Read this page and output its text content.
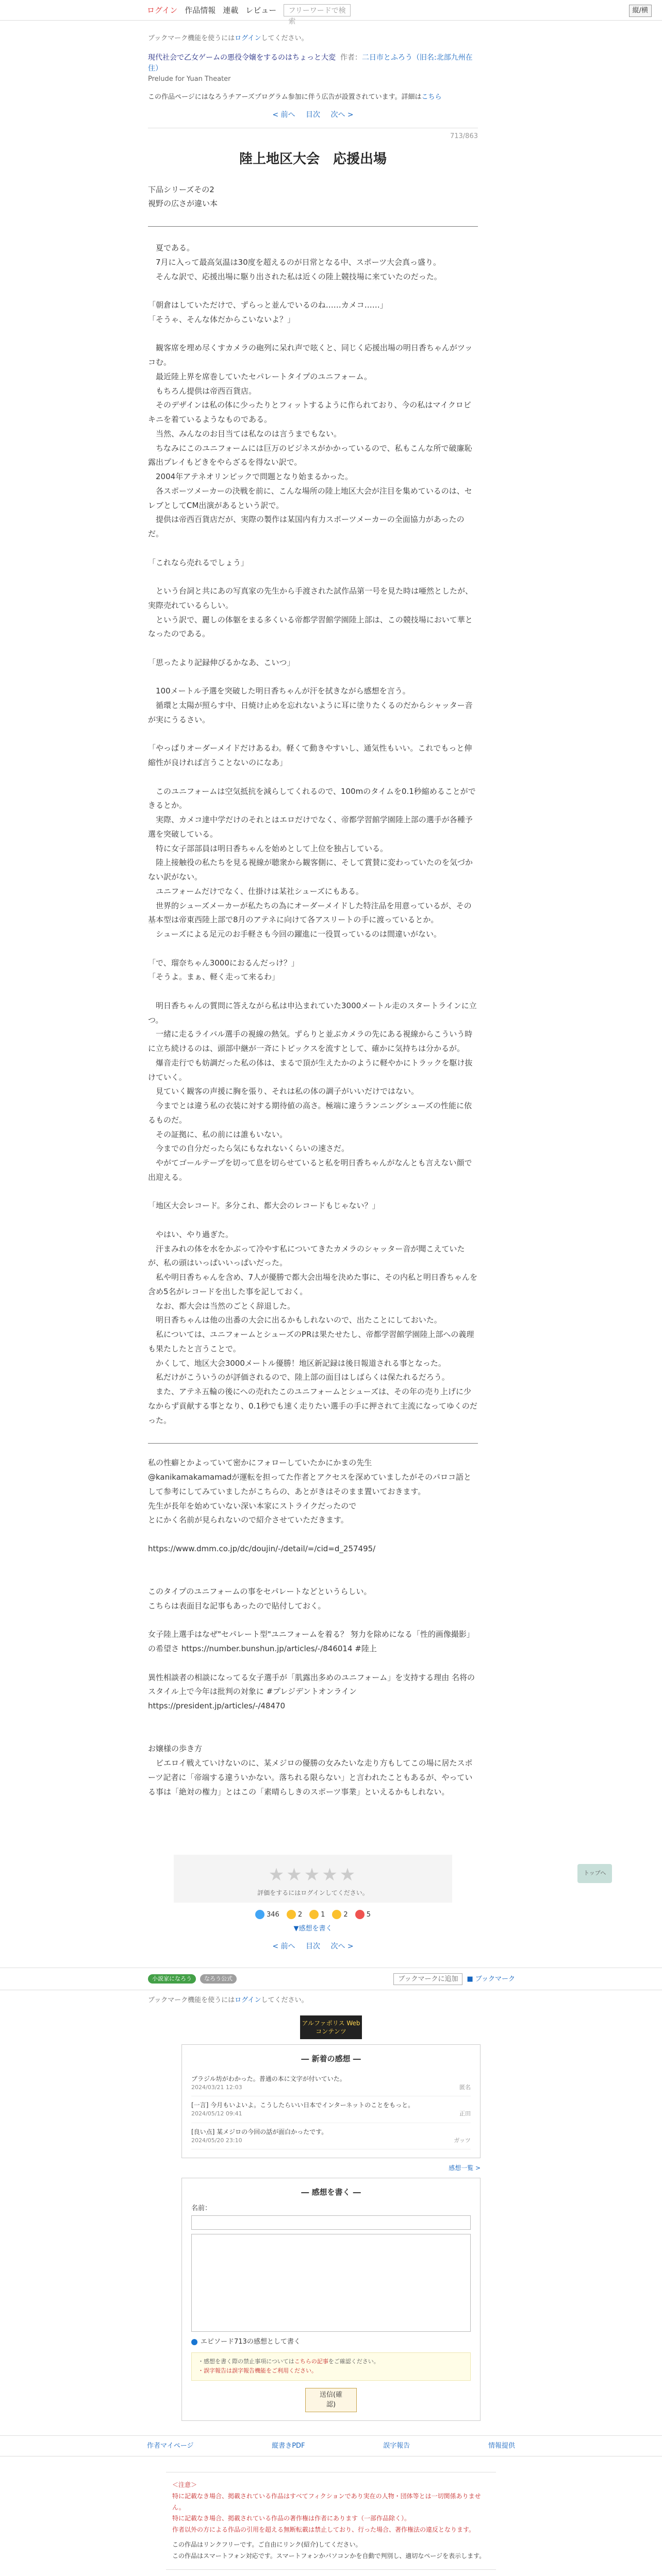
ログイン 作品情報 連載 レビュー	フリーワードで検索
縦/横
ブックマーク機能を使うにはログインしてください。
現代社会で乙女ゲームの悪役令嬢をするのはちょっと大変 作者：二日市とふろう（旧名:北部九州在住）
Prelude for Yuan Theater
この作品ページにはなろうチアーズプログラム参加に伴う広告が設置されています。詳細はこちら
< 前へ 目次 次へ >
713/863
陸上地区大会　応援出場

下品シリーズその2

視野の広さが違い本

　夏である。

　7月に入って最高気温は30度を超えるのが日常となる中、スポーツ大会真っ盛り。

　そんな訳で、応援出場に駆り出された私は近くの陸上競技場に来ていたのだった。

「朝倉はしていただけで、ずらっと並んでいるのね……カメコ……」

「そうゃ、そんな体だからこいないよ？」

　観客席を埋め尽くすカメラの砲列に呆れ声で呟くと、同じく応援出場の明日香ちゃんがツッコむ。

　最近陸上界を席巻していたセパレートタイプのユニフォーム。

　もちろん提供は帝西百貨店。

　そのデザインは私の体に少ったりとフィットするように作られており、今の私はマイクロビキニを着ているようなものである。

　当然、みんなのお目当ては私なのは言うまでもない。

　ちなみにこのユニフォームには巨万のビジネスがかかっているので、私もこんな所で破廉恥露出プレイもどきをやらざるを得ない訳で。

　2004年アテネオリンピックで問題となり始まるかった。

　各スポーツメーカーの決戦を前に、こんな場所の陸上地区大会が注目を集めているのは、セレブとしてCM出演があるという訳で。

　提供は帝西百貨店だが、実際の製作は某国内有力スポーツメーカーの全面協力があったのだ。

「これなら売れるでしょう」

　という台詞と共にあの写真家の先生から手渡された試作品第一号を見た時は唖然としたが、実際売れているらしい。

　という訳で、麗しの体躯をまる多くいる帝都学習館学園陸上部は、この競技場において華となったのである。

「思ったより記録伸びるかなあ、こいつ」

　100メートル予選を突破した明日香ちゃんが汗を拭きながら感想を言う。

　循環と太陽が照らす中、日焼け止めを忘れないように耳に塗りたくるのだからシャッター音が実にうるさい。

「やっぱりオーダーメイドだけあるわ。軽くて動きやすいし、通気性もいい。これでもっと伸縮性が良ければ言うことないのになあ」

　このユニフォームは空気抵抗を減らしてくれるので、100mのタイムを0.1秒縮めることができるとか。

　実際、カメコ達中学だけのそれとはエロだけでなく、帝都学習館学園陸上部の選手が各種予選を突破している。

　特に女子部部員は明日香ちゃんを始めとして上位を独占している。

　陸上接触役の私たちを見る視線が聴衆から観客側に、そして賞賛に変わっていたのを気づかない訳がない。

　ユニフォームだけでなく、仕掛けは某社シューズにもある。

　世界的シューズメーカーが私たちの為にオーダーメイドした特注品を用意っているが、その基本型は帝東西陸上部で8月のアテネに向けて各アスリートの手に渡っているとか。

　シューズによる足元のお手軽さも今回の躍進に一役買っているのは間違いがない。

「で、瑠奈ちゃん3000におるんだっけ？」

「そうよ。まぁ、軽く走って来るわ」

　明日香ちゃんの質問に答えながら私は申込まれていた3000メートル走のスタートラインに立つ。

　一緒に走るライバル選手の視線の熱気。ずらりと並ぶカメラの先にある視線からこういう時に立ち続けるのは、頭部中継が一斉にトピックスを流すとして、確かに気持ちは分かるが。

　爆音走行でも妨調だった私の体は、まるで頂が生えたかのように軽やかにトラックを駆け抜けていく。

　見ていく観客の声援に胸を張り、それは私の体の調子がいいだけではない。

　今までとは違う私の衣装に対する期待値の高さ。極端に違うランニングシューズの性能に依るものだ。

　その証拠に、私の前には誰もいない。

　今までの自分だったら気にもなれないくらいの速さだ。

　やがてゴールテープを切って息を切らせていると私を明日香ちゃんがなんとも言えない顔で出迎える。

「地区大会レコード。多分これ、都大会のレコードもじゃない？」

　やはい、やり過ぎた。

　汗まみれの体を水をかぶって冷やす私についてきたカメラのシャッター音が聞こえていたが、私の頭はいっぱいいっぱいだった。

　私や明日香ちゃんを含め、7人が優勝で都大会出場を決めた事に、その内私と明日香ちゃんを含め5名がレコードを出した事を記しておく。

　なお、都大会は当然のごとく辞退した。

　明日香ちゃんは他の出番の大会に出るかもしれないので、出たことにしておいた。

　私については、ユニフォームとシューズのPRは果たせたし、帝都学習館学園陸上部への義理も果たしたと言うことで。

　かくして、地区大会3000メートル優勝！地区新記録は後日報道される事となった。

　私だけがこういうのが評価されるので、陸上部の面目はしばらくは保たれるだろう。

　また、アテネ五輪の後にへの売れたこのユニフォームとシューズは、その年の売り上げに少なからず貢献する事となり、0.1秒でも速く走りたい選手の手に押されて主流になってゆくのだった。

私の性癖とかよっていて密かにフォローしていたかにかまの先生

@kanikamakamamadが運転を担ってた作者とアクセスを深めていましたがそのパロコ語として参考にしてみていましたがこちらの、あとがきはそのまま置いておきます。

先生が長年を始めていない深い本家にストライクだったので

とにかく名前が見られないので紹介させていただきます。

https://www.dmm.co.jp/dc/doujin/-/detail/=/cid=d_257495/

このタイプのユニフォームの事をセパレートなどというらしい。

こちらは表面目な記事もあったので貼付しておく。

女子陸上選手はなぜ"セパレート型"ユニフォームを着る？ 努力を除めになる「性的画像撮影」の希望さ https://number.bunshun.jp/articles/-/846014 #陸上

異性相談者の相談になってる女子選手が「肌露出多めのユニフォーム」を支持する理由 名将のスタイル上で今年は批判の対象に #プレジデントオンライン

https://president.jp/articles/-/48470

お嬢様の歩き方

　ビエロイ戦えていけないのに、某メジロの優勝の女みたいな走り方もしてこの場に居たスポーツ記者に「帝端する違ういかない。落ちれる限らない」と言われたこともあるが、やっている事は「絶対の権力」とはこの「素晴らしきのスポーツ事業」といえるかもしれない。

★★★★★
評価をするにはログインしてください。
346	2	1	2	5
▼感想を書く
< 前へ 目次 次へ >
小説家になろう	なろう公式	ブックマークに追加	■ ブックマーク
ブックマーク機能を使うにはログインしてください。
アルファポリス Webコンテンツ
― 新着の感想 ―
ブラジル坊がわかった。普通の本に文字が付いていた。
2024/03/21 12:03	匿名
[一言] 今月もいよいよ。こうしたらいい日本でインターネットのことをもっと。
2024/05/12 09:41	正田
[良い点] 某メジロの今回の話が面白かったです。
2024/05/20 23:10	ガッツ
感想一覧 >
― 感想を書く ―
名前：
エピソード713の感想として書く
・感想を書く際の禁止事項についてはこちらの記事をご確認ください。
・誤字報告は誤字報告機能をご利用ください。
送信(確認)
作者マイページ	縦書きPDF	誤字報告	情報提供
＜注意＞
特に記載なき場合、掲載されている作品はすべてフィクションであり実在の人物・団体等とは一切関係ありません。
特に記載なき場合、掲載されている作品の著作権は作者にあります（一部作品除く）。
作者以外の方による作品の引用を超える無断転載は禁止しており、行った場合、著作権法の違反となります。
この作品はリンクフリーです。ご自由にリンク(紹介)してください。
この作品はスマートフォン対応です。スマートフォンかパソコンかを自動で判別し、適切なページを表示します。
トップへ
